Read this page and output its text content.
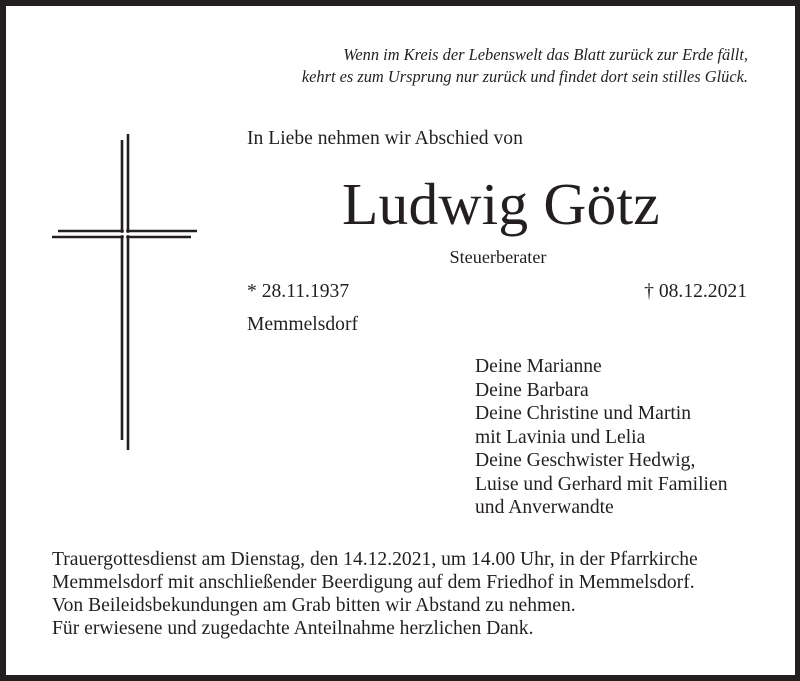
Wenn im Kreis der Lebenswelt das Blatt zurück zur Erde fällt,
kehrt es zum Ursprung nur zurück und findet dort sein stilles Glück.
In Liebe nehmen wir Abschied von
Ludwig Götz
Steuerberater
* 28.11.1937	† 08.12.2021
Memmelsdorf
Deine Marianne
Deine Barbara
Deine Christine und Martin
mit Lavinia und Lelia
Deine Geschwister Hedwig,
Luise und Gerhard mit Familien
und Anverwandte
Trauergottesdienst am Dienstag, den 14.12.2021, um 14.00 Uhr, in der Pfarrkirche
Memmelsdorf mit anschließender Beerdigung auf dem Friedhof in Memmelsdorf.
Von Beileidsbekundungen am Grab bitten wir Abstand zu nehmen.
Für erwiesene und zugedachte Anteilnahme herzlichen Dank.
